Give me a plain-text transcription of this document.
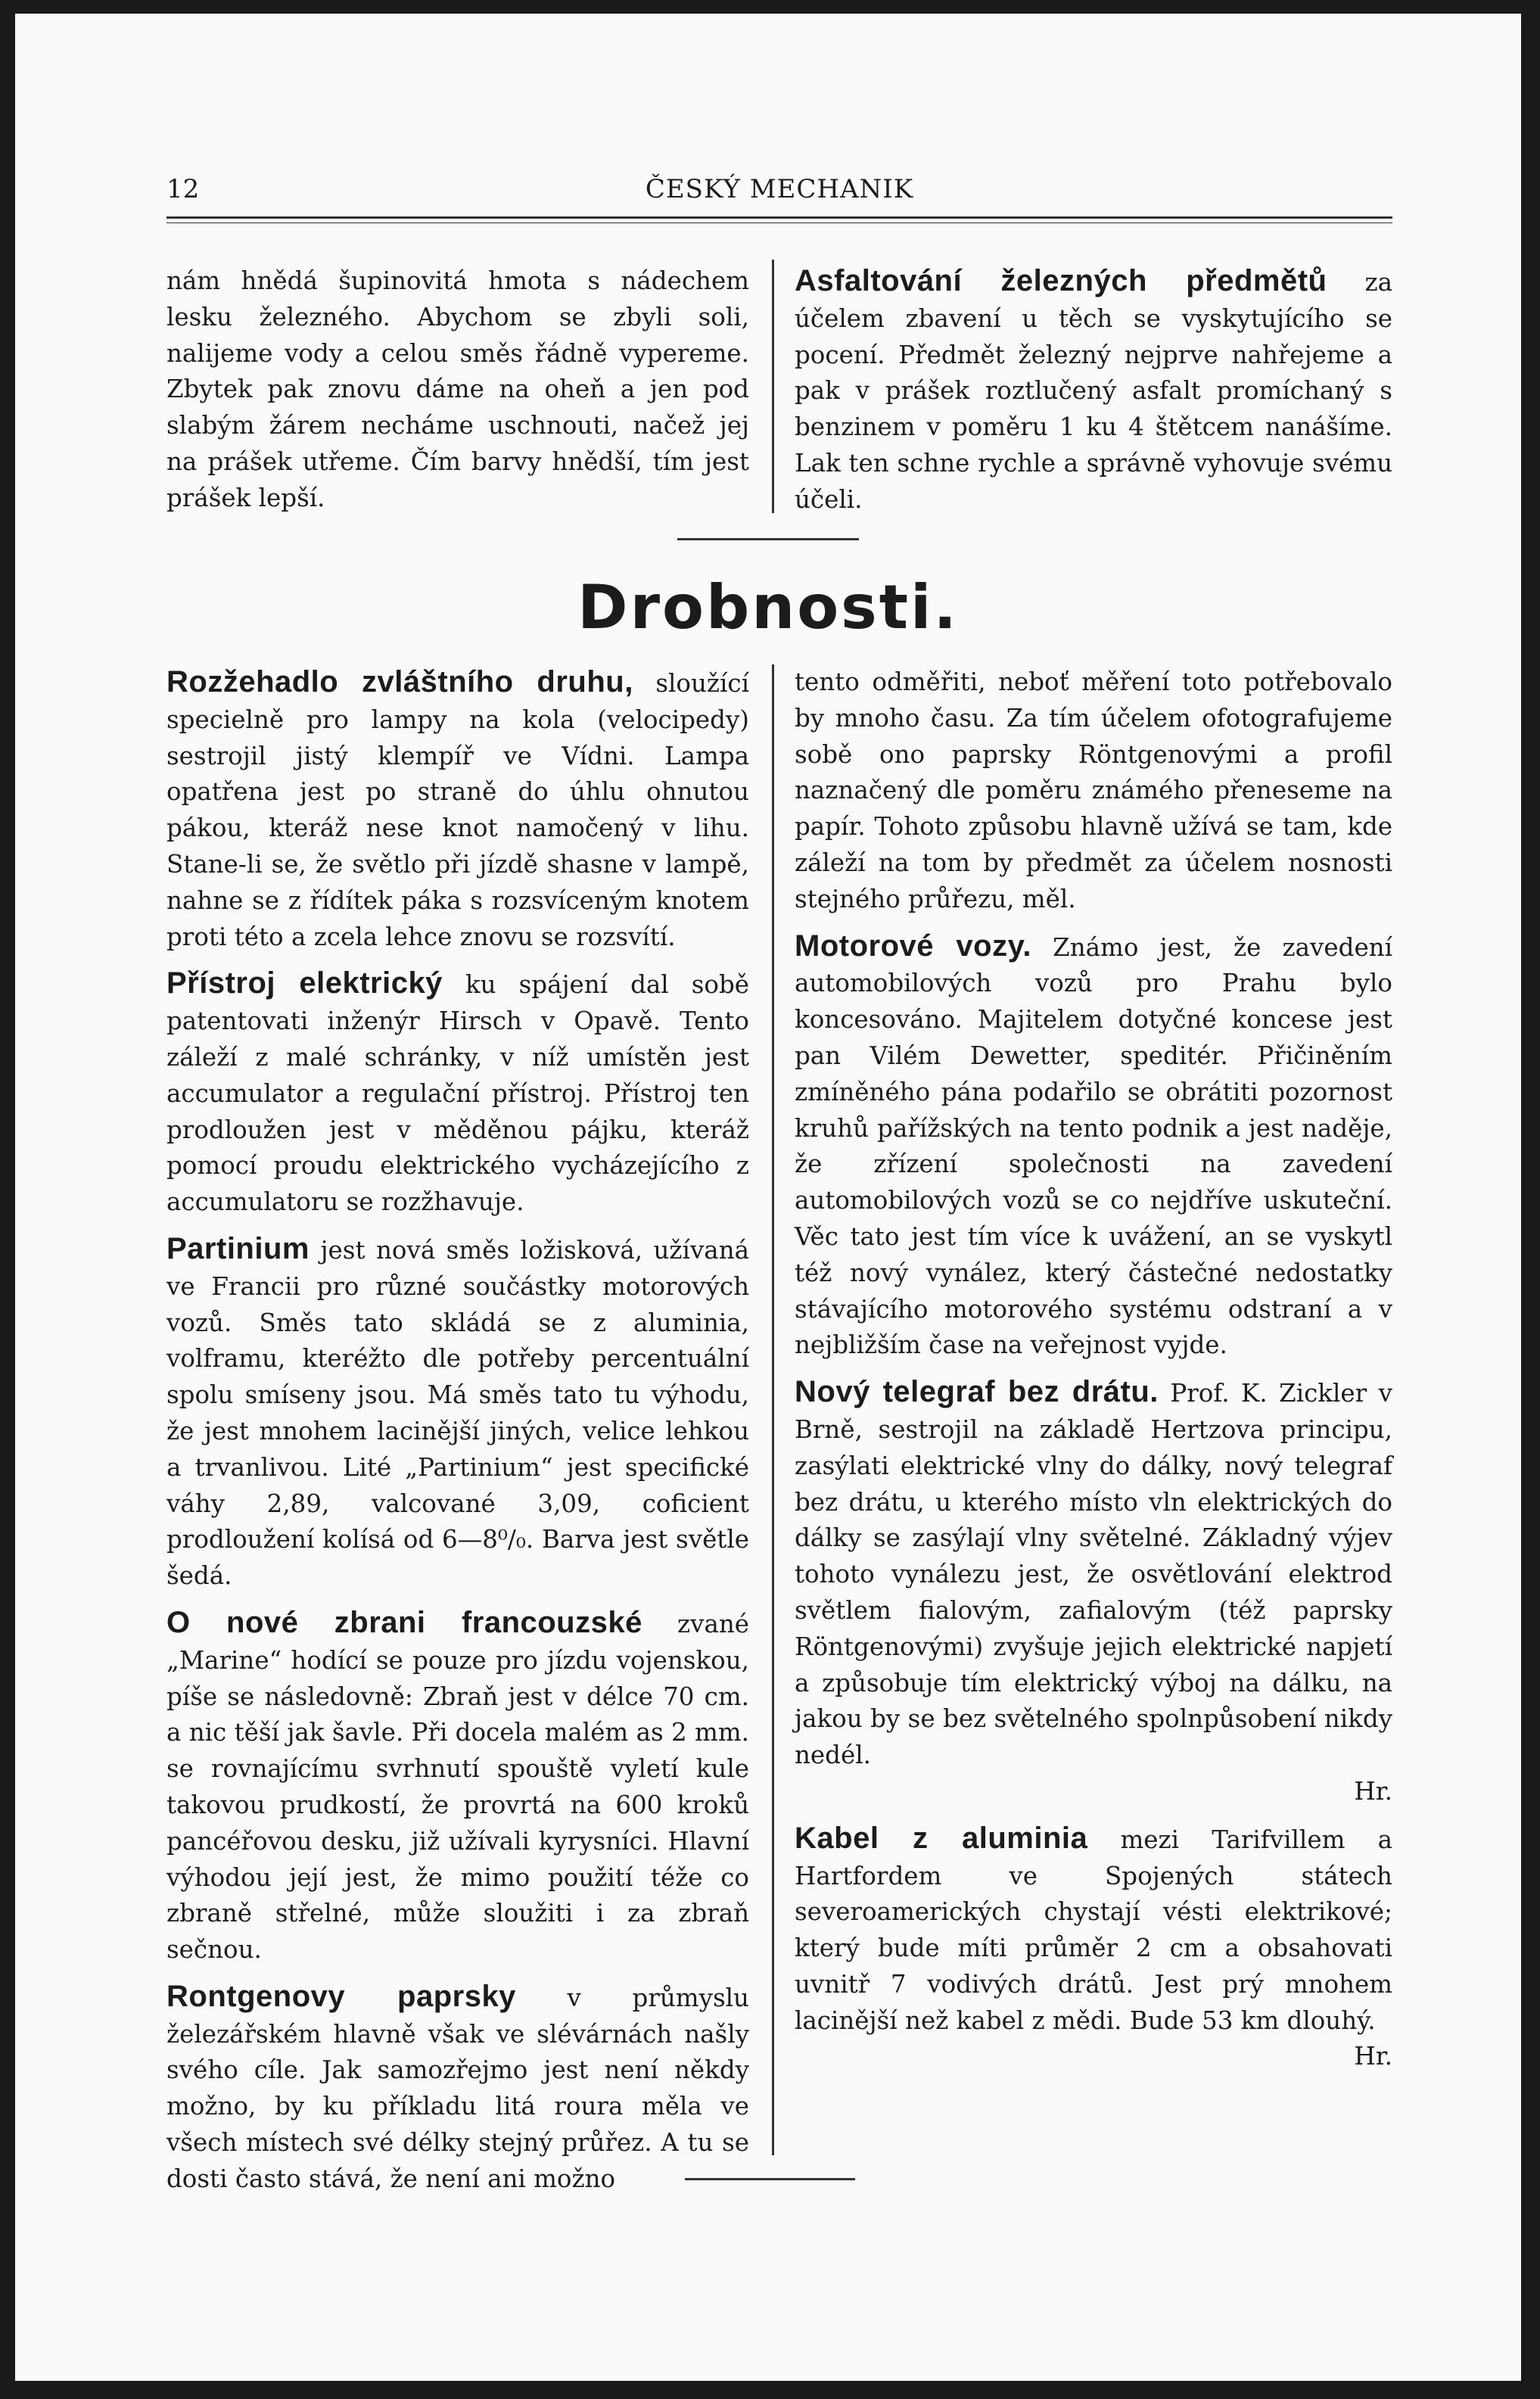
12	ČESKÝ MECHANIK

nám hnědá šupinovitá hmota s nádechem lesku železného. Abychom se zbyli soli, nalijeme vody a celou směs řádně vypereme. Zbytek pak znovu dáme na oheň a jen pod slabým žárem necháme uschnouti, načež jej na prášek utřeme. Čím barvy hnědší, tím jest prášek lepší.

Asfaltování železných předmětů za účelem zbavení u těch se vyskytujícího se pocení. Předmět železný nejprve nahřejeme a pak v prášek roztlučený asfalt promíchaný s benzinem v poměru 1 ku 4 štětcem nanášíme. Lak ten schne rychle a správně vyhovuje svému účeli.

Drobnosti.

Rozžehadlo zvláštního druhu, sloužící specielně pro lampy na kola (velocipedy) sestrojil jistý klempíř ve Vídni. Lampa opatřena jest po straně do úhlu ohnutou pákou, kteráž nese knot namočený v lihu. Stane-li se, že světlo při jízdě shasne v lampě, nahne se z řídítek páka s rozsvíceným knotem proti této a zcela lehce znovu se rozsvítí.

Přístroj elektrický ku spájení dal sobě patentovati inženýr Hirsch v Opavě. Tento záleží z malé schránky, v níž umístěn jest accumulator a regulační přístroj. Přístroj ten prodloužen jest v měděnou pájku, kteráž pomocí proudu elektrického vycházejícího z accumulatoru se rozžhavuje.

Partinium jest nová směs ložisková, užívaná ve Francii pro různé součástky motorových vozů. Směs tato skládá se z aluminia, volframu, kteréžto dle potřeby percentuální spolu smíseny jsou. Má směs tato tu výhodu, že jest mnohem lacinější jiných, velice lehkou a trvanlivou. Lité „Partinium“ jest specifické váhy 2,89, valcované 3,09, coficient prodloužení kolísá od 6—8⁰/₀. Barva jest světle šedá.

O nové zbrani francouzské zvané „Marine“ hodící se pouze pro jízdu vojenskou, píše se následovně: Zbraň jest v délce 70 cm. a nic těší jak šavle. Při docela malém as 2 mm. se rovnajícímu svrhnutí spouště vyletí kule takovou prudkostí, že provrtá na 600 kroků pancéřovou desku, již užívali kyrysníci. Hlavní výhodou její jest, že mimo použití téže co zbraně střelné, může sloužiti i za zbraň sečnou.

Rontgenovy paprsky v průmyslu železářském hlavně však ve slévárnách našly svého cíle. Jak samozřejmo jest není někdy možno, by ku příkladu litá roura měla ve všech místech své délky stejný průřez. A tu se dosti často stává, že není ani možno

tento odměřiti, neboť měření toto potřebovalo by mnoho času. Za tím účelem ofotografujeme sobě ono paprsky Röntgenovými a profil naznačený dle poměru známého přeneseme na papír. Tohoto způsobu hlavně užívá se tam, kde záleží na tom by předmět za účelem nosnosti stejného průřezu, měl.

Motorové vozy. Známo jest, že zavedení automobilových vozů pro Prahu bylo koncesováno. Majitelem dotyčné koncese jest pan Vilém Dewetter, speditér. Přičiněním zmíněného pána podařilo se obrátiti pozornost kruhů pařížských na tento podnik a jest naděje, že zřízení společnosti na zavedení automobilových vozů se co nejdříve uskuteční. Věc tato jest tím více k uvážení, an se vyskytl též nový vynález, který částečné nedostatky stávajícího motorového systému odstraní a v nejbližším čase na veřejnost vyjde.

Nový telegraf bez drátu. Prof. K. Zickler v Brně, sestrojil na základě Hertzova principu, zasýlati elektrické vlny do dálky, nový telegraf bez drátu, u kterého místo vln elektrických do dálky se zasýlají vlny světelné. Základný výjev tohoto vynálezu jest, že osvětlování elektrod světlem fialovým, zafialovým (též paprsky Röntgenovými) zvyšuje jejich elektrické napjetí a způsobuje tím elektrický výboj na dálku, na jakou by se bez světelného spolnpůsobení nikdy nedél.
Hr.

Kabel z aluminia mezi Tarifvillem a Hartfordem ve Spojených státech severoamerických chystají vésti elektrikové; který bude míti průměr 2 cm a obsahovati uvnitř 7 vodivých drátů. Jest prý mnohem lacinější než kabel z mědi. Bude 53 km dlouhý.
Hr.
